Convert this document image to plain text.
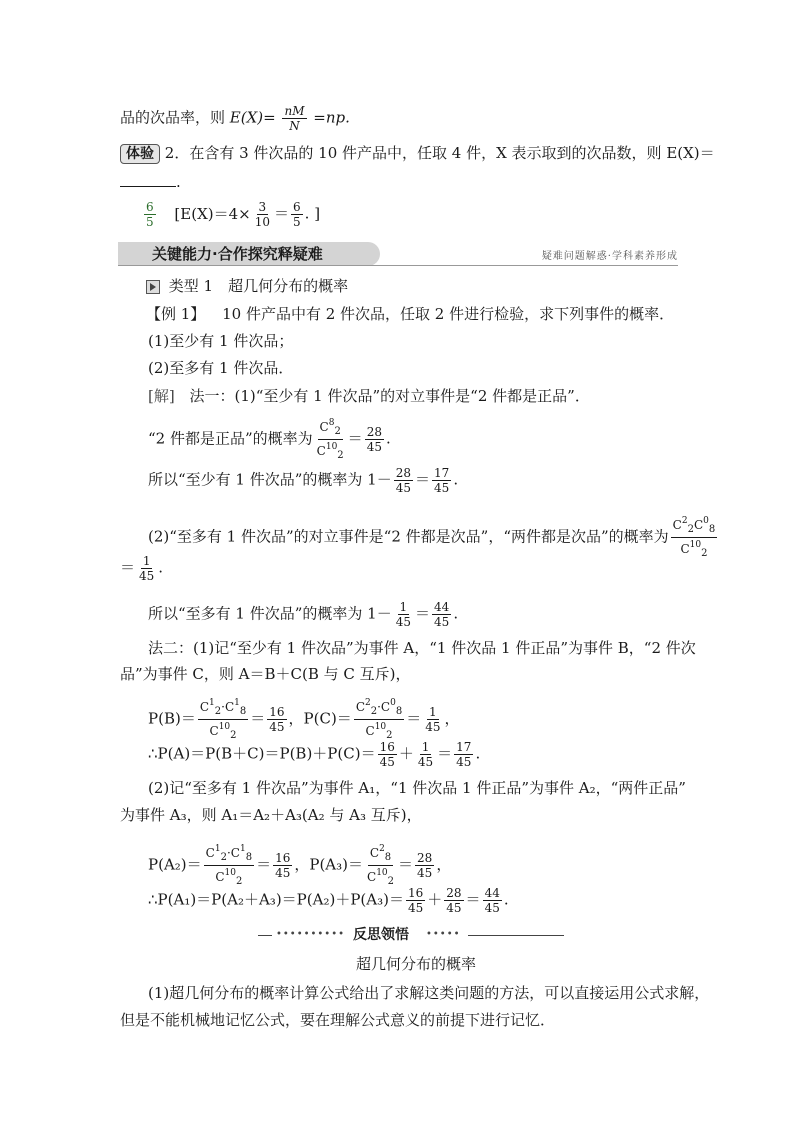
品的次品率，则 $E(X)= \frac{nM}{N} =np$.
体验 2．在含有 3 件次品的 10 件产品中，任取 4 件，X 表示取到的次品数，则 E(X)＝
.
$\frac{6}{5} [E(X)=4\times \frac{3}{10} = \frac{6}{5}$ . ]
关键能力·合作探究释疑难	疑难问题解惑·学科素养形成
类型 1　超几何分布的概率
【例 1】 10 件产品中有 2 件次品，任取 2 件进行检验，求下列事件的概率．
(1)至少有 1 件次品；
(2)至多有 1 件次品．
[解] 法一：(1)“至少有 1 件次品”的对立事件是“2 件都是正品”．
“2 件都是正品”的概率为 $\frac{C^8_2}{C^{10}_2} = \frac{28}{45}$ .
所以“至少有 1 件次品”的概率为 $1- \frac{28}{45} = \frac{17}{45}$ .
(2)“至多有 1 件次品”的对立事件是“2 件都是次品”，“两件都是次品”的概率为 $\frac{C^2_2C^0_8}{C^{10}_2}$
＝ $\frac{1}{45}$ .
所以“至多有 1 件次品”的概率为 $1- \frac{1}{45} = \frac{44}{45}$ .
法二：(1)记“至少有 1 件次品”为事件 A，“1 件次品 1 件正品”为事件 B，“2 件次
品”为事件 C，则 A＝B＋C(B 与 C 互斥)，
$P(B)= \frac{C^1_2\cdot C^1_8}{C^{10}_2} = \frac{16}{45}$ ，$P(C)= \frac{C^2_2\cdot C^0_8}{C^{10}_2} = \frac{1}{45}$ ，
∴P(A)＝P(B＋C)＝P(B)＋P(C)＝ $\frac{16}{45} + \frac{1}{45} = \frac{17}{45}$ .
(2)记“至多有 1 件次品”为事件 A₁，“1 件次品 1 件正品”为事件 A₂，“两件正品”
为事件 A₃，则 A₁＝A₂＋A₃(A₂ 与 A₃ 互斥)，
$P(A_2)= \frac{C^1_2\cdot C^1_8}{C^{10}_2} = \frac{16}{45}$ ，$P(A_3)= \frac{C^2_8}{C^{10}_2} = \frac{28}{45}$ ，
∴P(A₁)＝P(A₂＋A₃)＝P(A₂)＋P(A₃)＝ $\frac{16}{45} + \frac{28}{45} = \frac{44}{45}$ .
•••••••••• 反思领悟 •••••
超几何分布的概率
(1)超几何分布的概率计算公式给出了求解这类问题的方法，可以直接运用公式求解，
但是不能机械地记忆公式，要在理解公式意义的前提下进行记忆．
